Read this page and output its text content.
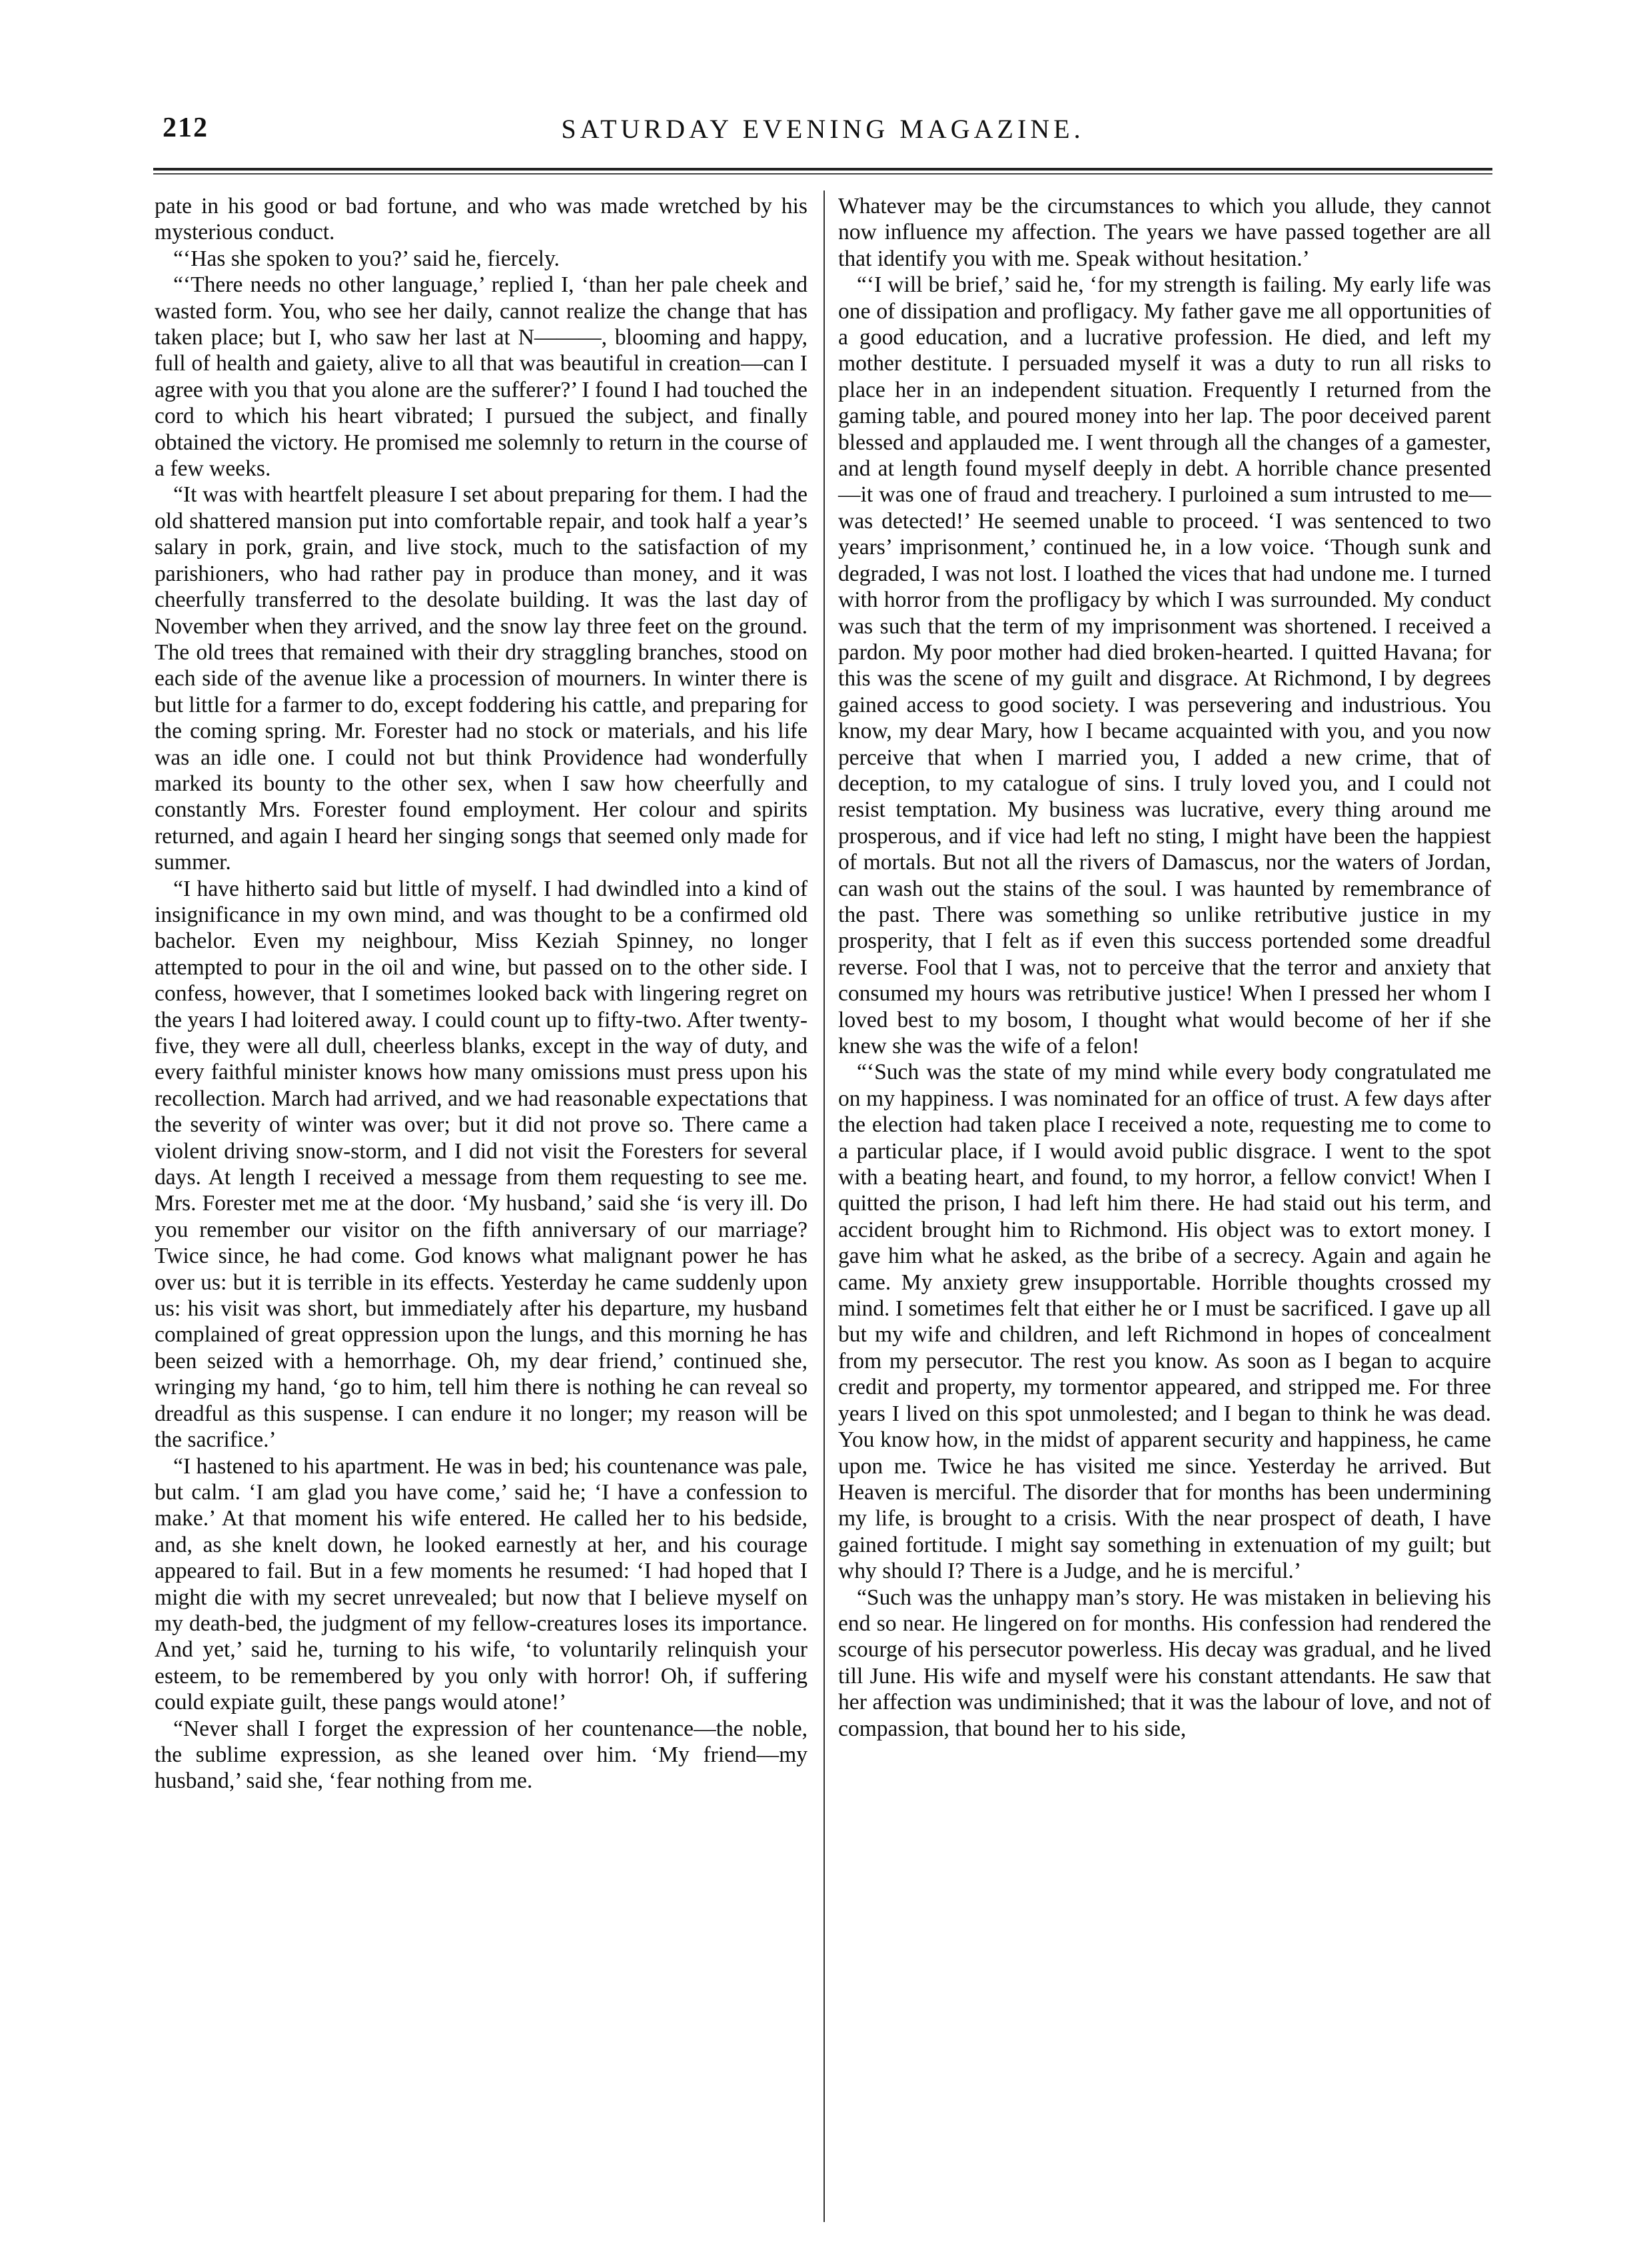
212	SATURDAY EVENING MAGAZINE.

pate in his good or bad fortune, and who was made wretched by his mysterious conduct.

“‘Has she spoken to you?’ said he, fiercely.

“‘There needs no other language,’ replied I, ‘than her pale cheek and wasted form. You, who see her daily, cannot realize the change that has taken place; but I, who saw her last at N———, blooming and happy, full of health and gaiety, alive to all that was beautiful in creation—can I agree with you that you alone are the sufferer?’ I found I had touched the cord to which his heart vibrated; I pursued the subject, and finally obtained the victory. He promised me solemnly to return in the course of a few weeks.

“It was with heartfelt pleasure I set about preparing for them. I had the old shattered mansion put into comfortable repair, and took half a year’s salary in pork, grain, and live stock, much to the satisfaction of my parishioners, who had rather pay in produce than money, and it was cheerfully transferred to the desolate building. It was the last day of November when they arrived, and the snow lay three feet on the ground. The old trees that remained with their dry straggling branches, stood on each side of the avenue like a procession of mourners. In winter there is but little for a farmer to do, except foddering his cattle, and preparing for the coming spring. Mr. Forester had no stock or materials, and his life was an idle one. I could not but think Providence had wonderfully marked its bounty to the other sex, when I saw how cheerfully and constantly Mrs. Forester found employment. Her colour and spirits returned, and again I heard her singing songs that seemed only made for summer.

“I have hitherto said but little of myself. I had dwindled into a kind of insignificance in my own mind, and was thought to be a confirmed old bachelor. Even my neighbour, Miss Keziah Spinney, no longer attempted to pour in the oil and wine, but passed on to the other side. I confess, however, that I sometimes looked back with lingering regret on the years I had loitered away. I could count up to fifty-two. After twenty-five, they were all dull, cheerless blanks, except in the way of duty, and every faithful minister knows how many omissions must press upon his recollection. March had arrived, and we had reasonable expectations that the severity of winter was over; but it did not prove so. There came a violent driving snow-storm, and I did not visit the Foresters for several days. At length I received a message from them requesting to see me. Mrs. Forester met me at the door. ‘My husband,’ said she ‘is very ill. Do you remember our visitor on the fifth anniversary of our marriage? Twice since, he had come. God knows what malignant power he has over us: but it is terrible in its effects. Yesterday he came suddenly upon us: his visit was short, but immediately after his departure, my husband complained of great oppression upon the lungs, and this morning he has been seized with a hemorrhage. Oh, my dear friend,’ continued she, wringing my hand, ‘go to him, tell him there is nothing he can reveal so dreadful as this suspense. I can endure it no longer; my reason will be the sacrifice.’

“I hastened to his apartment. He was in bed; his countenance was pale, but calm. ‘I am glad you have come,’ said he; ‘I have a confession to make.’ At that moment his wife entered. He called her to his bedside, and, as she knelt down, he looked earnestly at her, and his courage appeared to fail. But in a few moments he resumed: ‘I had hoped that I might die with my secret unrevealed; but now that I believe myself on my death-bed, the judgment of my fellow-creatures loses its importance. And yet,’ said he, turning to his wife, ‘to voluntarily relinquish your esteem, to be remembered by you only with horror! Oh, if suffering could expiate guilt, these pangs would atone!’

“Never shall I forget the expression of her countenance—the noble, the sublime expression, as she leaned over him. ‘My friend—my husband,’ said she, ‘fear nothing from me.

Whatever may be the circumstances to which you allude, they cannot now influence my affection. The years we have passed together are all that identify you with me. Speak without hesitation.’

“‘I will be brief,’ said he, ‘for my strength is failing. My early life was one of dissipation and profligacy. My father gave me all opportunities of a good education, and a lucrative profession. He died, and left my mother destitute. I persuaded myself it was a duty to run all risks to place her in an independent situation. Frequently I returned from the gaming table, and poured money into her lap. The poor deceived parent blessed and applauded me. I went through all the changes of a gamester, and at length found myself deeply in debt. A horrible chance presented—it was one of fraud and treachery. I purloined a sum intrusted to me—was detected!’ He seemed unable to proceed. ‘I was sentenced to two years’ imprisonment,’ continued he, in a low voice. ‘Though sunk and degraded, I was not lost. I loathed the vices that had undone me. I turned with horror from the profligacy by which I was surrounded. My conduct was such that the term of my imprisonment was shortened. I received a pardon. My poor mother had died broken-hearted. I quitted Havana; for this was the scene of my guilt and disgrace. At Richmond, I by degrees gained access to good society. I was persevering and industrious. You know, my dear Mary, how I became acquainted with you, and you now perceive that when I married you, I added a new crime, that of deception, to my catalogue of sins. I truly loved you, and I could not resist temptation. My business was lucrative, every thing around me prosperous, and if vice had left no sting, I might have been the happiest of mortals. But not all the rivers of Damascus, nor the waters of Jordan, can wash out the stains of the soul. I was haunted by remembrance of the past. There was something so unlike retributive justice in my prosperity, that I felt as if even this success portended some dreadful reverse. Fool that I was, not to perceive that the terror and anxiety that consumed my hours was retributive justice! When I pressed her whom I loved best to my bosom, I thought what would become of her if she knew she was the wife of a felon!

“‘Such was the state of my mind while every body congratulated me on my happiness. I was nominated for an office of trust. A few days after the election had taken place I received a note, requesting me to come to a particular place, if I would avoid public disgrace. I went to the spot with a beating heart, and found, to my horror, a fellow convict! When I quitted the prison, I had left him there. He had staid out his term, and accident brought him to Richmond. His object was to extort money. I gave him what he asked, as the bribe of a secrecy. Again and again he came. My anxiety grew insupportable. Horrible thoughts crossed my mind. I sometimes felt that either he or I must be sacrificed. I gave up all but my wife and children, and left Richmond in hopes of concealment from my persecutor. The rest you know. As soon as I began to acquire credit and property, my tormentor appeared, and stripped me. For three years I lived on this spot unmolested; and I began to think he was dead. You know how, in the midst of apparent security and happiness, he came upon me. Twice he has visited me since. Yesterday he arrived. But Heaven is merciful. The disorder that for months has been undermining my life, is brought to a crisis. With the near prospect of death, I have gained fortitude. I might say something in extenuation of my guilt; but why should I? There is a Judge, and he is merciful.’

“Such was the unhappy man’s story. He was mistaken in believing his end so near. He lingered on for months. His confession had rendered the scourge of his persecutor powerless. His decay was gradual, and he lived till June. His wife and myself were his constant attendants. He saw that her affection was undiminished; that it was the labour of love, and not of compassion, that bound her to his side,
